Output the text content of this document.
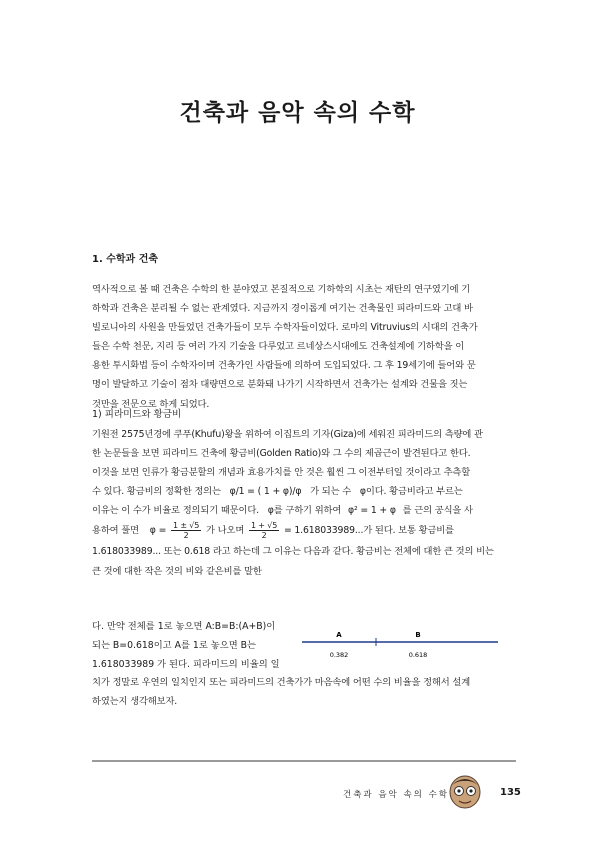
건축과 음악 속의 수학
1. 수학과 건축
역사적으로 볼 때 건축은 수학의 한 분야였고 본질적으로 기하학의 시초는 재탄의 연구였기에 기
하학과 건축은 분리될 수 없는 관계였다. 지금까지 경이롭게 여기는 건축물인 피라미드와 고대 바
빌로니아의 사원을 만들었던 건축가들이 모두 수학자들이었다. 로마의 Vitruvius의 시대의 건축가
들은 수학 천문, 지리 등 여러 가지 기술을 다루었고 르네상스시대에도 건축설계에 기하학을 이
용한 투시화법 등이 수학자이며 건축가인 사람들에 의하여 도입되었다. 그 후 19세기에 들어와 문
명이 발달하고 기술이 점차 대량면으로 분화돼 나가기 시작하면서 건축가는 설계와 건물을 짓는
것만을 전문으로 하게 되었다.
1) 피라미드와 황금비
기원전 2575년경에 쿠푸(Khufu)왕을 위하여 이집트의 기자(Giza)에 세워진 피라미드의 측량에 관
한 논문들을 보면 피라미드 건축에 황금비(Golden Ratio)와 그 수의 제곱근이 발견된다고 한다.
이것을 보면 인류가 황금분할의 개념과 효용가치를 안 것은 훨씬 그 이전부터일 것이라고 추측할
수 있다. 황금비의 정확한 정의는 φ/1 = ( 1 + φ)/φ 가 되는 수 φ이다. 황금비라고 부르는
이유는 이 수가 비율로 정의되기 때문이다. φ를 구하기 위하여 φ² = 1 + φ 를 근의 공식을 사
용하여 풀면 $\varphi = \frac{1 \pm √5}{2}$ 가 나오며 $\frac{1 + √5}{2} = 1.618033989$...가 된다. 보통 황금비를
1.618033989... 또는 0.618 라고 하는데 그 이유는 다음과 같다. 황금비는 전체에 대한 큰 것의 비는
큰 것에 대한 작은 것의 비와 같은비를 말한
다. 만약 전체를 1로 놓으면 A:B=B:(A+B)이
되는 B=0.618이고 A를 1로 놓으면 B는
1.618033989 가 된다. 피라미드의 비율의 일
A	B
0.382	0.618
치가 정말로 우연의 일치인지 또는 피라미드의 건축가가 마음속에 어떤 수의 비율을 정해서 설계
하였는지 생각해보자.
건축과 음악 속의 수학	135
